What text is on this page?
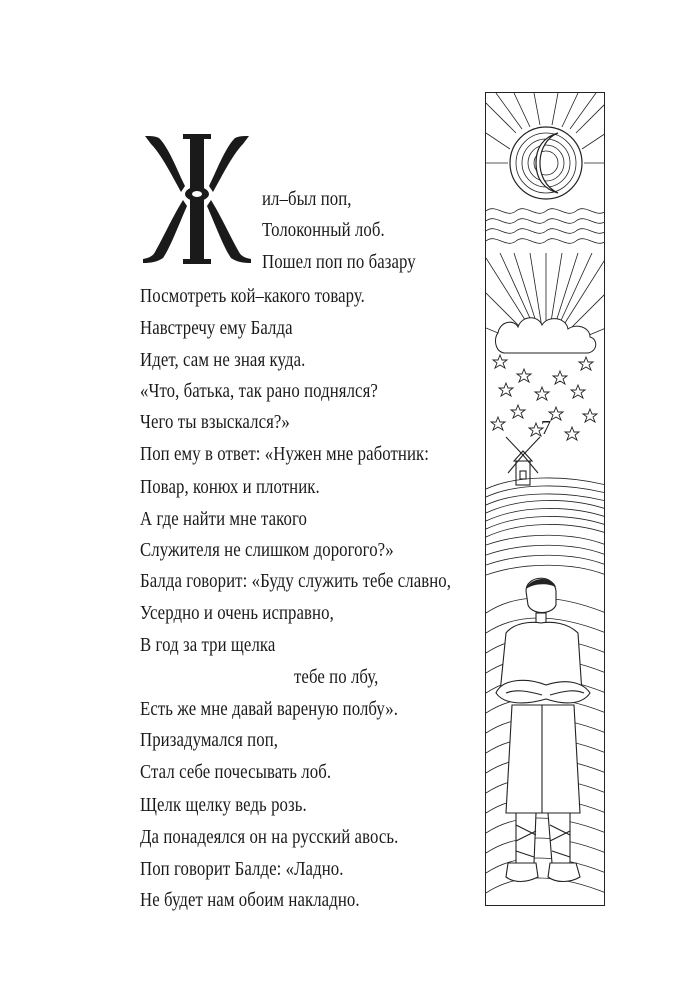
ил–был поп,
Толоконный лоб.
Пошел поп по базару
Посмотреть кой–какого товару.
Навстречу ему Балда
Идет, сам не зная куда.
«Что, батька, так рано поднялся?
Чего ты взыскался?»
Поп ему в ответ: «Нужен мне работник:
Повар, конюх и плотник.
А где найти мне такого
Служителя не слишком дорогого?»
Балда говорит: «Буду служить тебе славно,
Усердно и очень исправно,
В год за три щелка
тебе по лбу,
Есть же мне давай вареную полбу».
Призадумался поп,
Стал себе почесывать лоб.
Щелк щелку ведь розь.
Да понадеялся он на русский авось.
Поп говорит Балде: «Ладно.
Не будет нам обоим накладно.
7
